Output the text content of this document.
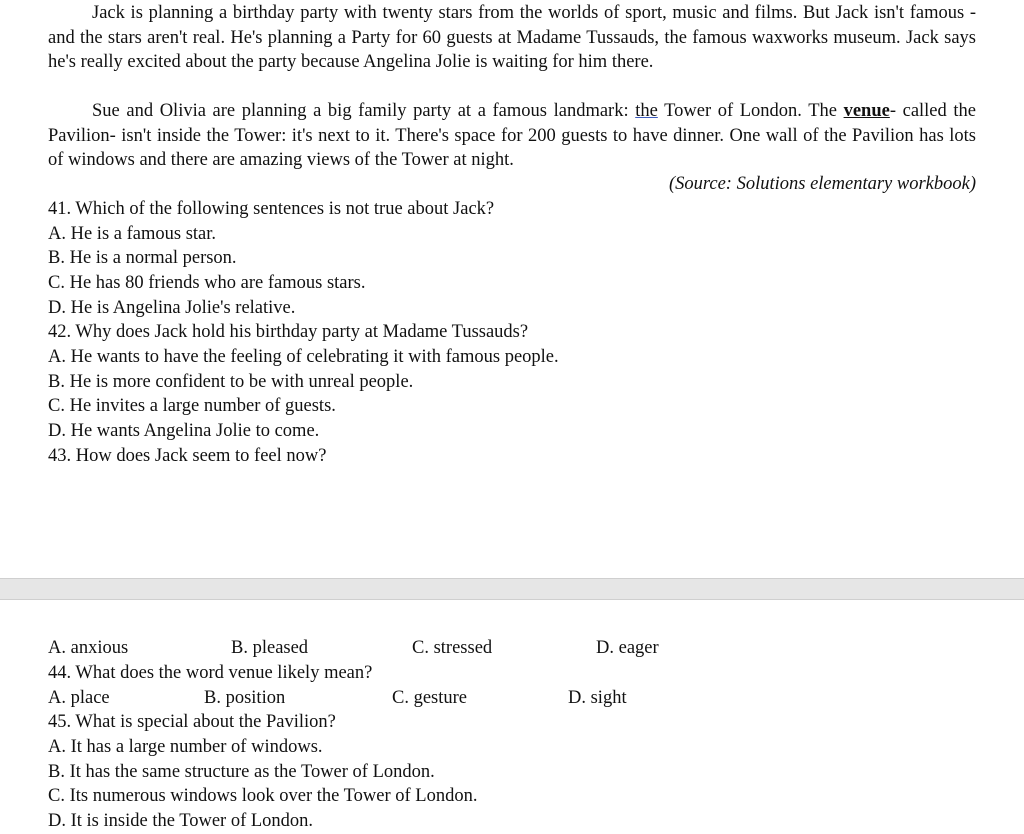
Jack is planning a birthday party with twenty stars from the worlds of sport, music and films. But Jack isn't famous - and the stars aren't real. He's planning a Party for 60 guests at Madame Tussauds, the famous waxworks museum. Jack says he's really excited about the party because Angelina Jolie is waiting for him there.

Sue and Olivia are planning a big family party at a famous landmark: the Tower of London. The venue- called the Pavilion- isn't inside the Tower: it's next to it. There's space for 200 guests to have dinner. One wall of the Pavilion has lots of windows and there are amazing views of the Tower at night.

(Source: Solutions elementary workbook)

41. Which of the following sentences is not true about Jack?

A. He is a famous star.

B. He is a normal person.

C. He has 80 friends who are famous stars.

D. He is Angelina Jolie's relative.

42. Why does Jack hold his birthday party at Madame Tussauds?

A. He wants to have the feeling of celebrating it with famous people.

B. He is more confident to be with unreal people.

C. He invites a large number of guests.

D. He wants Angelina Jolie to come.

43. How does Jack seem to feel now?

A. anxious	B. pleased	C. stressed	D. eager

44. What does the word venue likely mean?

A. place	B. position	C. gesture	D. sight

45. What is special about the Pavilion?

A. It has a large number of windows.

B. It has the same structure as the Tower of London.

C. Its numerous windows look over the Tower of London.

D. It is inside the Tower of London.
